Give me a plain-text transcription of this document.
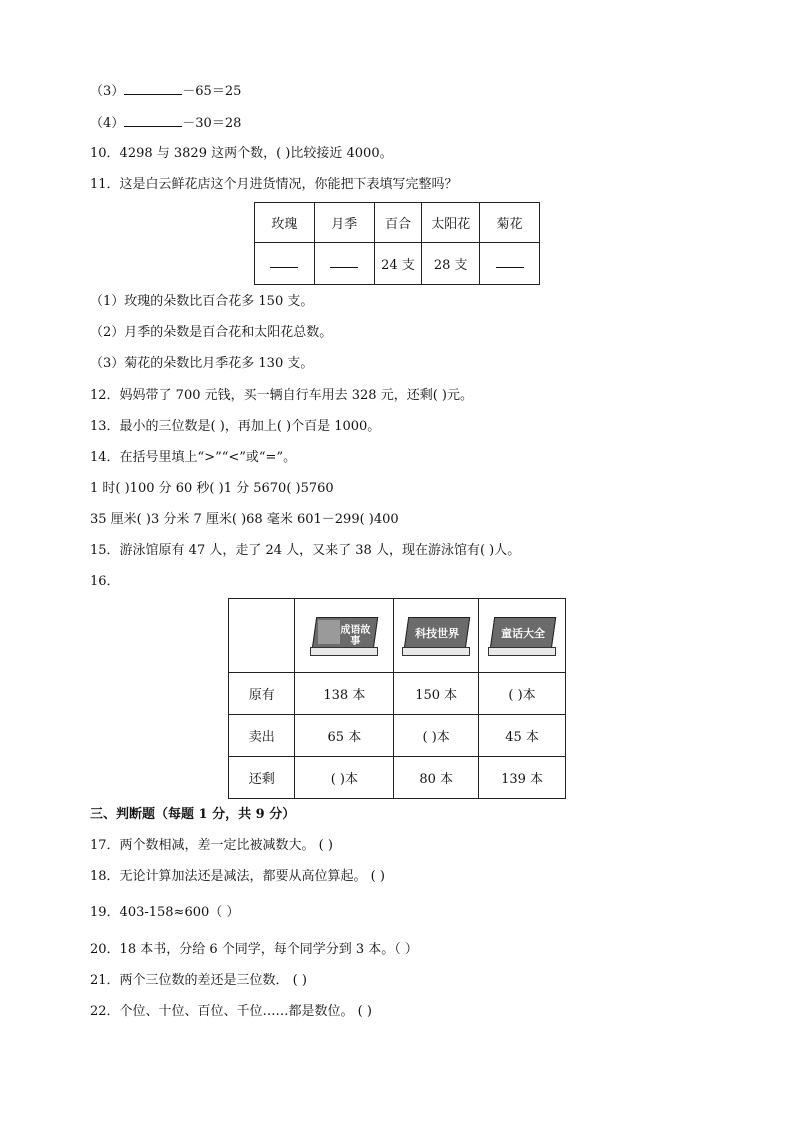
（3）	－65＝25
（4）	－30＝28
10．4298 与 3829 这两个数，( )比较接近 4000。
11．这是白云鲜花店这个月进货情况，你能把下表填写完整吗？
玫瑰	月季	百合	太阳花	菊花
		24 支	28 支	
（1）玫瑰的朵数比百合花多 150 支。
（2）月季的朵数是百合花和太阳花总数。
（3）菊花的朵数比月季花多 130 支。
12．妈妈带了 700 元钱，买一辆自行车用去 328 元，还剩( )元。
13．最小的三位数是( )，再加上( )个百是 1000。
14．在括号里填上“>”“<”或“=”。
1 时( )100 分 60 秒( )1 分 5670( )5760
35 厘米( )3 分米 7 厘米( )68 毫米 601－299( )400
15．游泳馆原有 47 人，走了 24 人，又来了 38 人，现在游泳馆有( )人。
16．

	成语故事	科技世界	童话大全

原有	138 本	150 本	( )本
卖出	65 本	( )本	45 本
还剩	( )本	80 本	139 本
三、判断题（每题 1 分，共 9 分）
17．两个数相减，差一定比被减数大。 ( )
18．无论计算加法还是减法，都要从高位算起。 ( )
19．403-158≈600（ ）
20．18 本书，分给 6 个同学，每个同学分到 3 本。（ ）
21．两个三位数的差还是三位数． ( )
22．个位、十位、百位、千位……都是数位。 ( )
